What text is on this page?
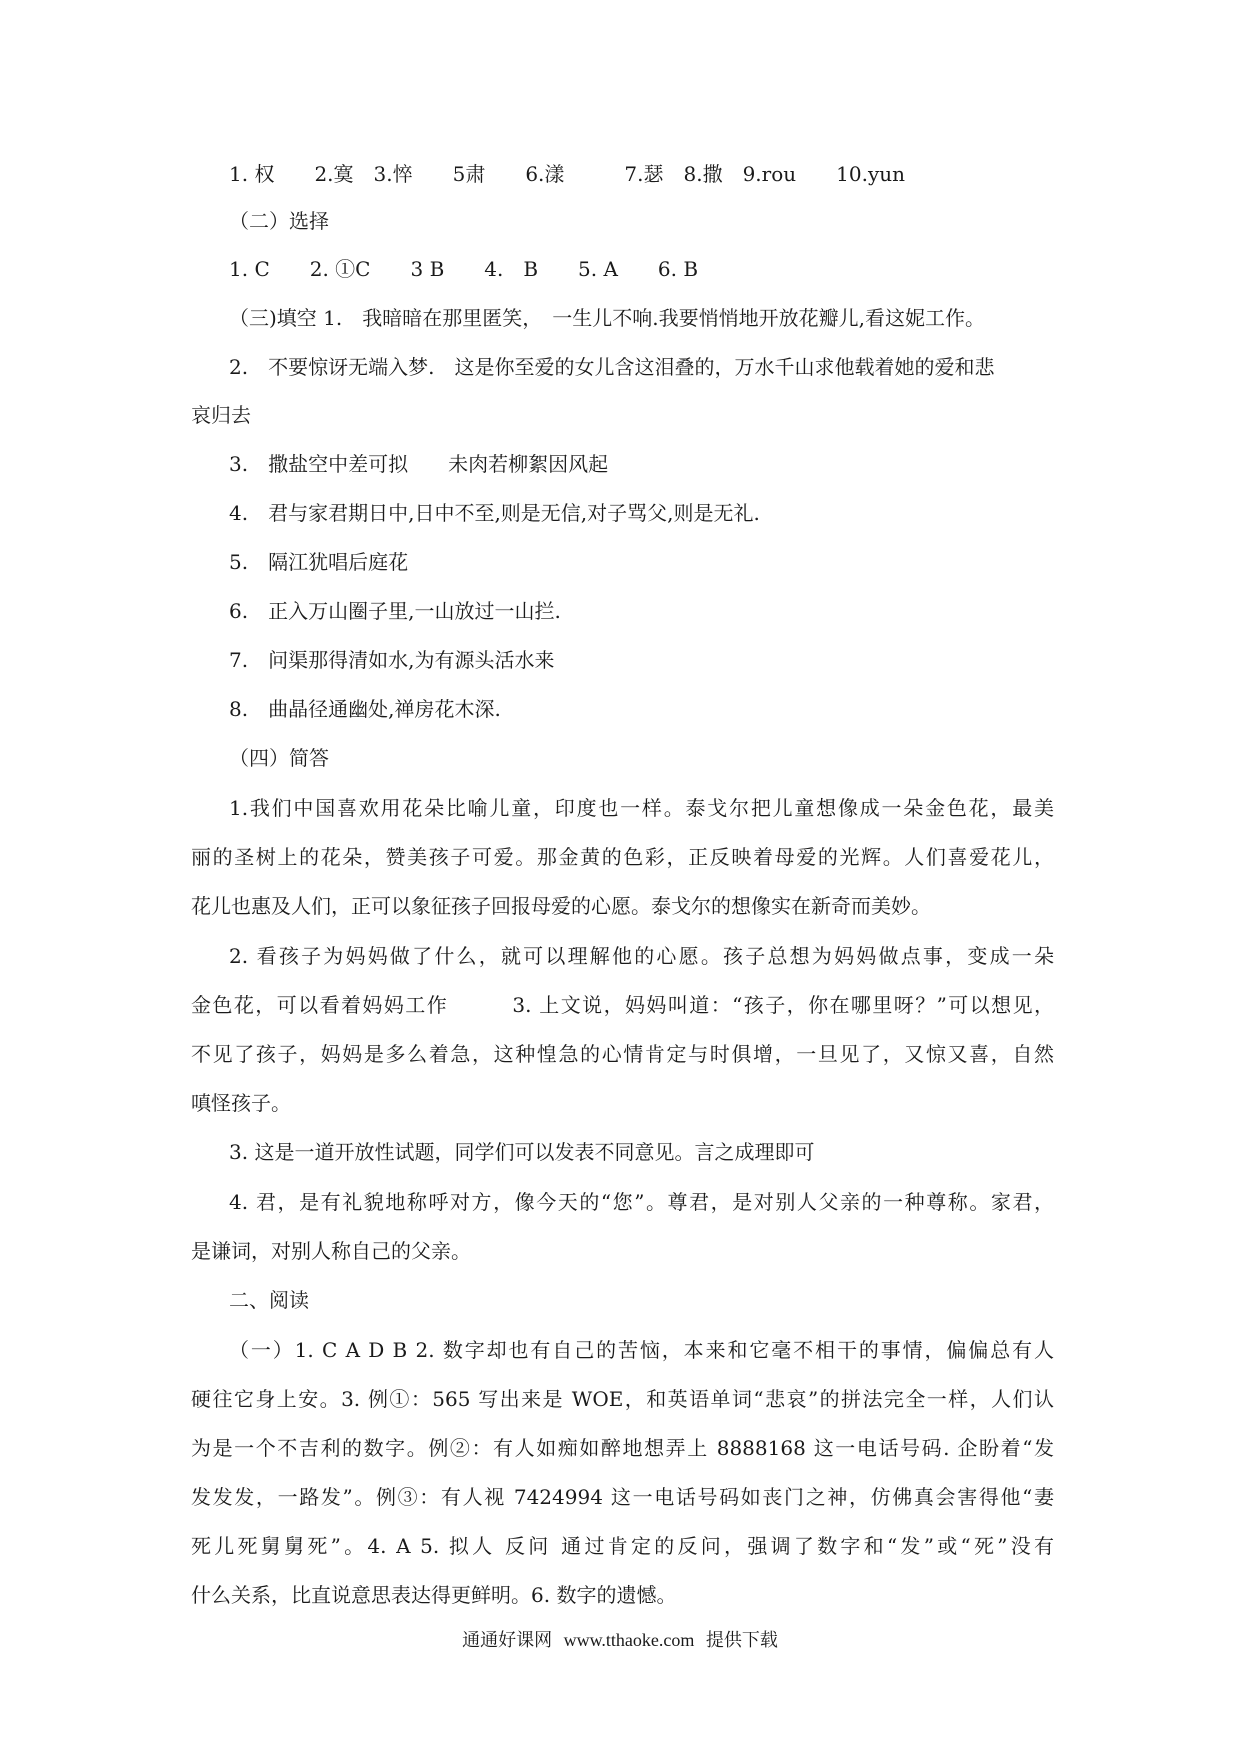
1. 权　　2.寞　3.悴　　5肃　　6.漾　　　7.瑟　8.撒　9.rou　　10.yun
（二）选择
1. C　　2. ①C　　3 B　　4.　B　　5. A　　6. B
（三)填空 1.　我暗暗在那里匿笑，　一生儿不响.我要悄悄地开放花瓣儿,看这妮工作。
2.　不要惊讶无端入梦.　这是你至爱的女儿含这泪叠的，万水千山求他载着她的爱和悲
哀归去
3.　撒盐空中差可拟　　未肉若柳絮因风起
4.　君与家君期日中,日中不至,则是无信,对子骂父,则是无礼.
5.　隔江犹唱后庭花
6.　正入万山圈子里,一山放过一山拦.
7.　问渠那得清如水,为有源头活水来
8.　曲晶径通幽处,禅房花木深.
（四）简答
1.我们中国喜欢用花朵比喻儿童，印度也一样。泰戈尔把儿童想像成一朵金色花，最美
丽的圣树上的花朵，赞美孩子可爱。那金黄的色彩，正反映着母爱的光辉。人们喜爱花儿，
花儿也惠及人们，正可以象征孩子回报母爱的心愿。泰戈尔的想像实在新奇而美妙。
2. 看孩子为妈妈做了什么，就可以理解他的心愿。孩子总想为妈妈做点事，变成一朵
金色花，可以看着妈妈工作　　　3. 上文说，妈妈叫道：“孩子，你在哪里呀？”可以想见，
不见了孩子，妈妈是多么着急，这种惶急的心情肯定与时俱增，一旦见了，又惊又喜，自然
嗔怪孩子。
3. 这是一道开放性试题，同学们可以发表不同意见。言之成理即可
4. 君，是有礼貌地称呼对方，像今天的“您”。尊君，是对别人父亲的一种尊称。家君，
是谦词，对别人称自己的父亲。
二、阅读
（一）1. C A D B 2. 数字却也有自己的苦恼，本来和它毫不相干的事情，偏偏总有人
硬往它身上安。3. 例①：565 写出来是 WOE，和英语单词“悲哀”的拼法完全一样，人们认
为是一个不吉利的数字。例②：有人如痴如醉地想弄上 8888168 这一电话号码. 企盼着“发
发发发，一路发”。例③：有人视 7424994 这一电话号码如丧门之神，仿佛真会害得他“妻
死儿死舅舅死”。4. A 5. 拟人 反问 通过肯定的反问，强调了数字和“发”或“死”没有
什么关系，比直说意思表达得更鲜明。6. 数字的遗憾。
通通好课网 www.tthaoke.com 提供下载
